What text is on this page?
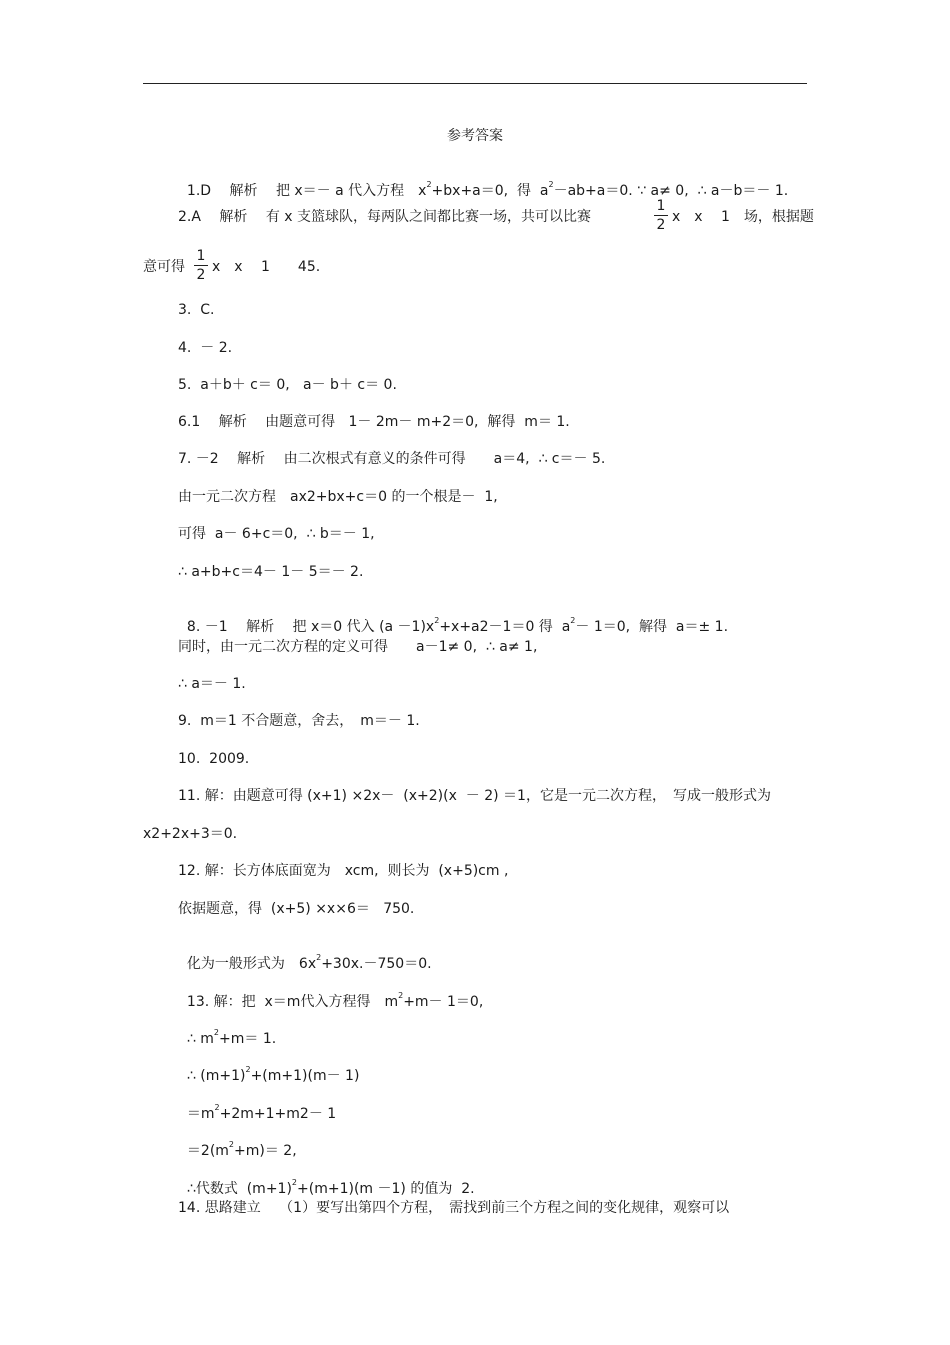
参考答案

1.D　 解析　 把 x＝－ a 代入方程　$x^2+bx+a=0$,  得  $a^2-ab+a=0$. ∵ a≠ 0,  ∴ a－b＝－ 1.

2.A　 解析　 有 x 支篮球队，每两队之间都比赛一场，共可以比赛
1
2 x　x　 1　场，根据题
意可得
1
2 x　x　 1　　45.
3.  C.
4.  － 2.
5.  a＋b＋ c＝ 0,   a－ b＋ c＝ 0.
6.1　 解析　 由题意可得   1－ 2m－ m+2＝0,  解得  m＝ 1.
7. －2　 解析　 由二次根式有意义的条件可得　　a＝4,  ∴ c＝－ 5.
由一元二次方程　ax2+bx+c＝0 的一个根是－  1,
可得  a－ 6+c＝0,  ∴ b＝－ 1,
∴ a+b+c＝4－ 1－ 5＝－ 2.

8. －1　 解析　 把 x＝0 代入 $(a -1)x^2+x+a2-1=0$ 得  $a^2- 1=0$,  解得  a＝± 1.

同时，由一元二次方程的定义可得　　a－1≠ 0,  ∴ a≠ 1,
∴ a＝－ 1.
9.  m＝1 不合题意，舍去，　m＝－ 1.
10.  2009.
11. 解：由题意可得 (x+1) ×2x－  (x+2)(x  － 2) ＝1，它是一元二次方程，　写成一般形式为
x2+2x+3＝0.
12. 解：长方体底面宽为　xcm,  则长为  (x+5)cm ,
依据题意，得  (x+5) ×x×6＝   750.

化为一般形式为　$6x^2+30x.-750=0$.

13. 解：把  x＝m代入方程得　$m^2+m- 1=0$,

∴ $m^2+m= 1$.

∴ $(m+1)^2+(m+1)(m- 1)$

$=m^2+2m+1+m2- 1$

$=2(m^2+m)= 2$,

∴代数式  $(m+1)^2+(m+1)(m -1)$ 的值为  2.

14. 思路建立　 （1）要写出第四个方程，　需找到前三个方程之间的变化规律，观察可以
